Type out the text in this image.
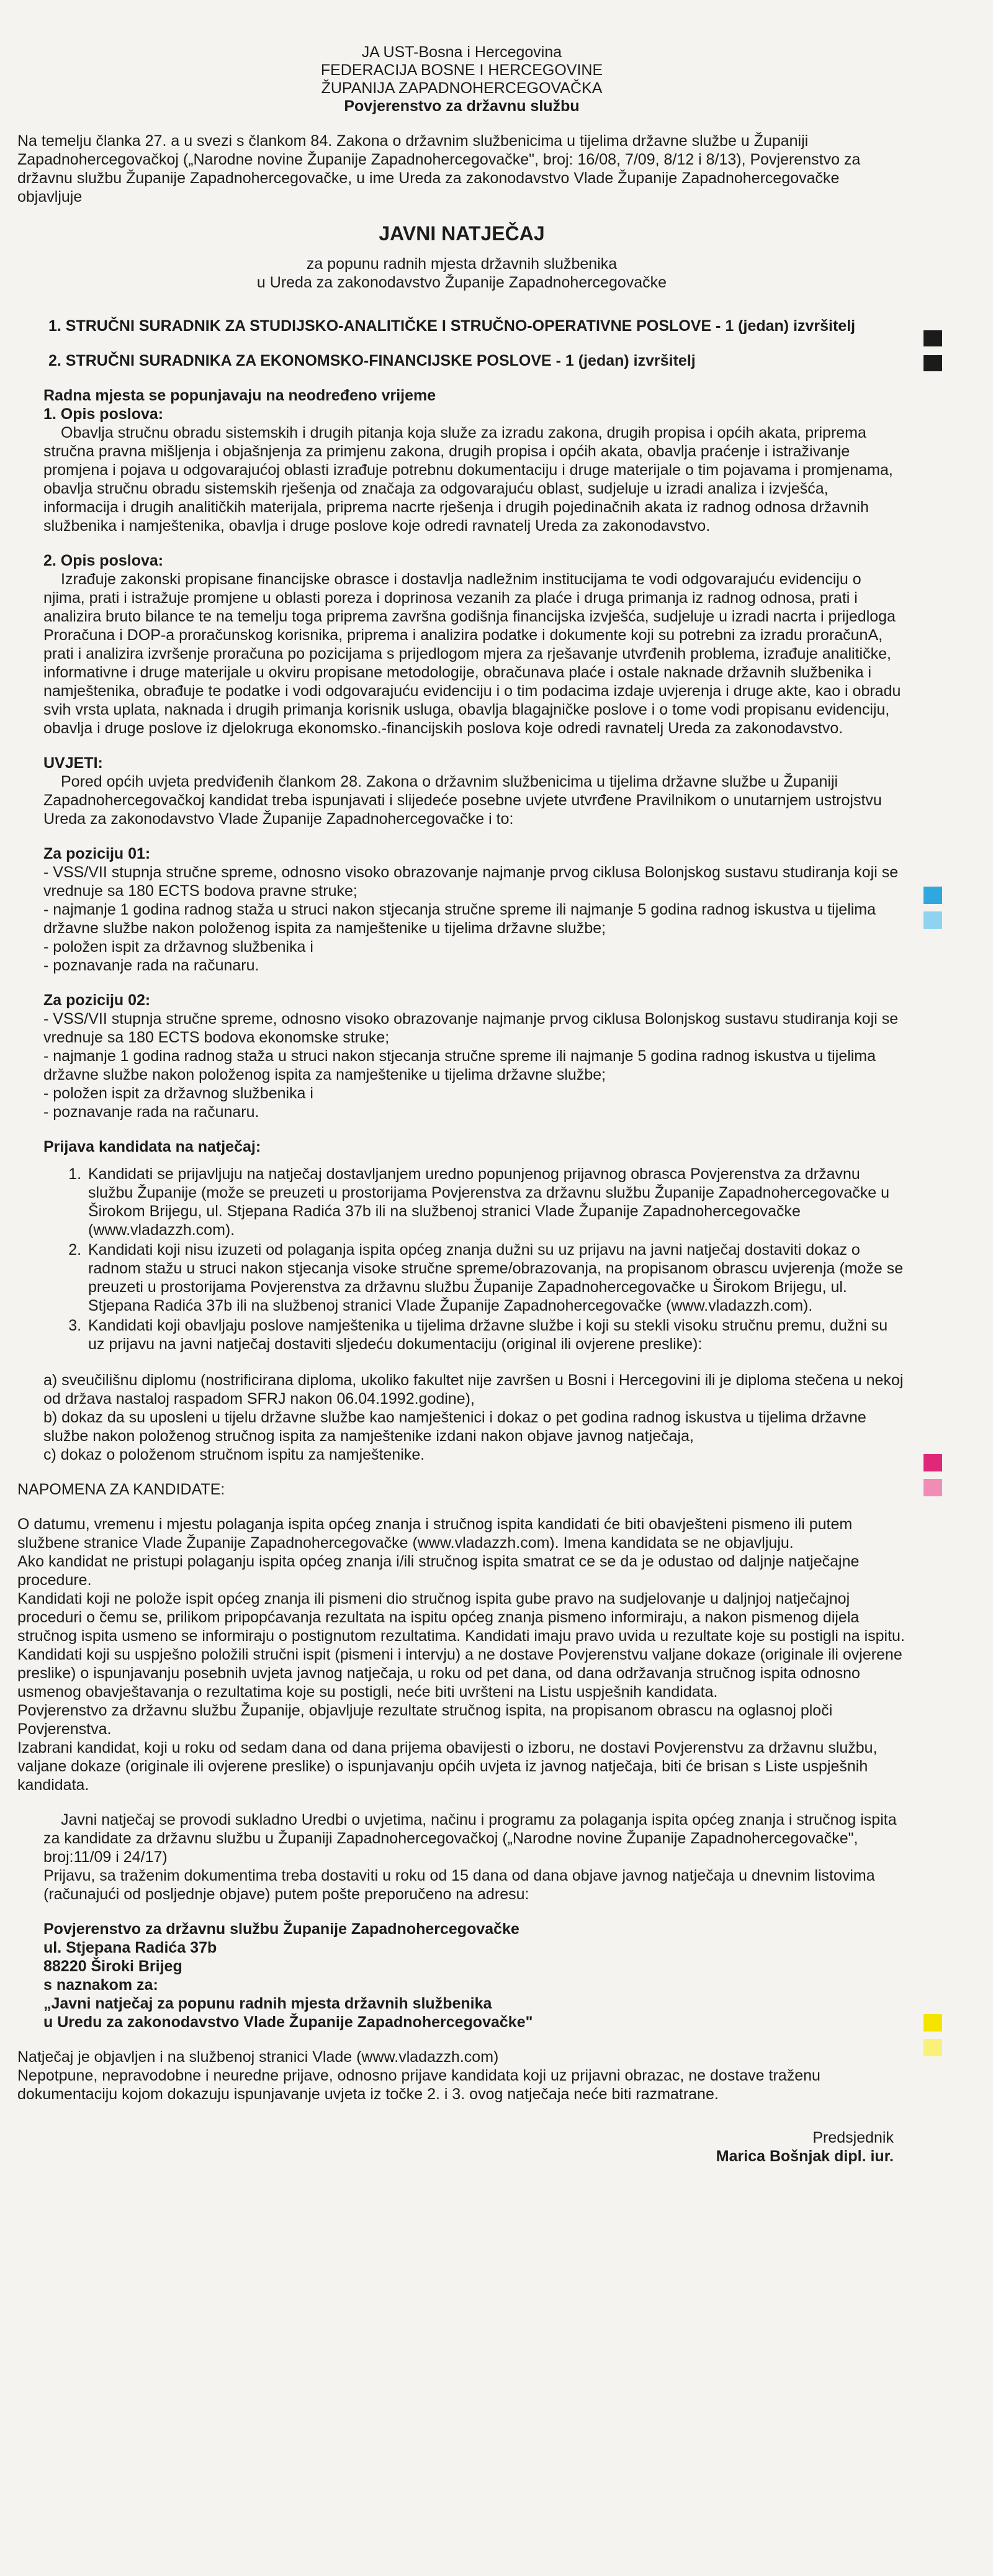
JA UST-Bosna i Hercegovina

FEDERACIJA BOSNE I HERCEGOVINE

ŽUPANIJA ZAPADNOHERCEGOVAČKA

Povjerenstvo za državnu službu

Na temelju članka 27. a u svezi s člankom 84. Zakona o državnim službenicima u tijelima državne službe u Županiji Zapadnohercegovačkoj („Narodne novine Županije Zapadnohercegovačke", broj: 16/08, 7/09, 8/12 i 8/13), Povjerenstvo za državnu službu Županije Zapadnohercegovačke, u ime Ureda za zakonodavstvo Vlade Županije Zapadnohercegovačke objavljuje

JAVNI NATJEČAJ

za popunu radnih mjesta državnih službenika

u Ureda za zakonodavstvo Županije Zapadnohercegovačke

1. STRUČNI SURADNIK ZA STUDIJSKO-ANALITIČKE I STRUČNO-OPERATIVNE POSLOVE - 1 (jedan) izvršitelj

2. STRUČNI SURADNIKA ZA EKONOMSKO-FINANCIJSKE POSLOVE - 1 (jedan) izvršitelj

Radna mjesta se popunjavaju na neodređeno vrijeme

1. Opis poslova:

Obavlja stručnu obradu sistemskih i drugih pitanja koja služe za izradu zakona, drugih propisa i općih akata, priprema stručna pravna mišljenja i objašnjenja za primjenu zakona, drugih propisa i općih akata, obavlja praćenje i istraživanje promjena i pojava u odgovarajućoj oblasti izrađuje potrebnu dokumentaciju i druge materijale o tim pojavama i promjenama, obavlja stručnu obradu sistemskih rješenja od značaja za odgovarajuću oblast, sudjeluje u izradi analiza i izvješća, informacija i drugih analitičkih materijala, priprema nacrte rješenja i drugih pojedinačnih akata iz radnog odnosa državnih službenika i namještenika, obavlja i druge poslove koje odredi ravnatelj Ureda za zakonodavstvo.

2. Opis poslova:

Izrađuje zakonski propisane financijske obrasce i dostavlja nadležnim institucijama te vodi odgovarajuću evidenciju o njima, prati i istražuje promjene u oblasti poreza i doprinosa vezanih za plaće i druga primanja iz radnog odnosa, prati i analizira bruto bilance te na temelju toga priprema završna godišnja financijska izvješća, sudjeluje u izradi nacrta i prijedloga Proračuna i DOP-a proračunskog korisnika, priprema i analizira podatke i dokumente koji su potrebni za izradu proračunA, prati i analizira izvršenje proračuna po pozicijama s prijedlogom mjera za rješavanje utvrđenih problema, izrađuje analitičke, informativne i druge materijale u okviru propisane metodologije, obračunava plaće i ostale naknade državnih službenika i namještenika, obrađuje te podatke i vodi odgovarajuću evidenciju i o tim podacima izdaje uvjerenja i druge akte, kao i obradu svih vrsta uplata, naknada i drugih primanja korisnik usluga, obavlja blagajničke poslove i o tome vodi propisanu evidenciju, obavlja i druge poslove iz djelokruga ekonomsko.-financijskih poslova koje odredi ravnatelj Ureda za zakonodavstvo.

UVJETI:

Pored općih uvjeta predviđenih člankom 28. Zakona o državnim službenicima u tijelima državne službe u Županiji Zapadnohercegovačkoj kandidat treba ispunjavati i slijedeće posebne uvjete utvrđene Pravilnikom o unutarnjem ustrojstvu Ureda za zakonodavstvo Vlade Županije Zapadnohercegovačke i to:

Za poziciju 01:

- VSS/VII stupnja stručne spreme, odnosno visoko obrazovanje najmanje prvog ciklusa Bolonjskog sustavu studiranja koji se vrednuje sa 180 ECTS bodova pravne struke;

- najmanje 1 godina radnog staža u struci nakon stjecanja stručne spreme ili najmanje 5 godina radnog iskustva u tijelima državne službe nakon položenog ispita za namještenike u tijelima državne službe;

- položen ispit za državnog službenika i

- poznavanje rada na računaru.

Za poziciju 02:

- VSS/VII stupnja stručne spreme, odnosno visoko obrazovanje najmanje prvog ciklusa Bolonjskog sustavu studiranja koji se vrednuje sa 180 ECTS bodova ekonomske struke;

- najmanje 1 godina radnog staža u struci nakon stjecanja stručne spreme ili najmanje 5 godina radnog iskustva u tijelima državne službe nakon položenog ispita za namještenike u tijelima državne službe;

- položen ispit za državnog službenika i

- poznavanje rada na računaru.

Prijava kandidata na natječaj:

1. Kandidati se prijavljuju na natječaj dostavljanjem uredno popunjenog prijavnog obrasca Povjerenstva za državnu službu Županije (može se preuzeti u prostorijama Povjerenstva za državnu službu Županije Zapadnohercegovačke u Širokom Brijegu, ul. Stjepana Radića 37b ili na službenoj stranici Vlade Županije Zapadnohercegovačke (www.vladazzh.com).
2. Kandidati koji nisu izuzeti od polaganja ispita općeg znanja dužni su uz prijavu na javni natječaj dostaviti dokaz o radnom stažu u struci nakon stjecanja visoke stručne spreme/obrazovanja, na propisanom obrascu uvjerenja (može se preuzeti u prostorijama Povjerenstva za državnu službu Županije Zapadnohercegovačke u Širokom Brijegu, ul. Stjepana Radića 37b ili na službenoj stranici Vlade Županije Zapadnohercegovačke (www.vladazzh.com).
3. Kandidati koji obavljaju poslove namještenika u tijelima državne službe i koji su stekli visoku stručnu premu, dužni su uz prijavu na javni natječaj dostaviti sljedeću dokumentaciju (original ili ovjerene preslike):

a) sveučilišnu diplomu (nostrificirana diploma, ukoliko fakultet nije završen u Bosni i Hercegovini ili je diploma stečena u nekoj od država nastaloj raspadom SFRJ nakon 06.04.1992.godine),

b) dokaz da su uposleni u tijelu državne službe kao namještenici i dokaz o pet godina radnog iskustva u tijelima državne službe nakon položenog stručnog ispita za namještenike izdani nakon objave javnog natječaja,

c) dokaz o položenom stručnom ispitu za namještenike.

NAPOMENA ZA KANDIDATE:

O datumu, vremenu i mjestu polaganja ispita općeg znanja i stručnog ispita kandidati će biti obavješteni pismeno ili putem službene stranice Vlade Županije Zapadnohercegovačke (www.vladazzh.com). Imena kandidata se ne objavljuju.

Ako kandidat ne pristupi polaganju ispita općeg znanja i/ili stručnog ispita smatrat ce se da je odustao od daljnje natječajne procedure.

Kandidati koji ne polože ispit općeg znanja ili pismeni dio stručnog ispita gube pravo na sudjelovanje u daljnjoj natječajnoj proceduri o čemu se, prilikom pripopćavanja rezultata na ispitu općeg znanja pismeno informiraju, a nakon pismenog dijela stručnog ispita usmeno se informiraju o postignutom rezultatima. Kandidati imaju pravo uvida u rezultate koje su postigli na ispitu.

Kandidati koji su uspješno položili stručni ispit (pismeni i intervju) a ne dostave Povjerenstvu valjane dokaze (originale ili ovjerene preslike) o ispunjavanju posebnih uvjeta javnog natječaja, u roku od pet dana, od dana održavanja stručnog ispita odnosno usmenog obavještavanja o rezultatima koje su postigli, neće biti uvršteni na Listu uspješnih kandidata.

Povjerenstvo za državnu službu Županije, objavljuje rezultate stručnog ispita, na propisanom obrascu na oglasnoj ploči Povjerenstva.

Izabrani kandidat, koji u roku od sedam dana od dana prijema obavijesti o izboru, ne dostavi Povjerenstvu za državnu službu, valjane dokaze (originale ili ovjerene preslike) o ispunjavanju općih uvjeta iz javnog natječaja, biti će brisan s Liste uspješnih kandidata.

Javni natječaj se provodi sukladno Uredbi o uvjetima, načinu i programu za polaganja ispita općeg znanja i stručnog ispita za kandidate za državnu službu u Županiji Zapadnohercegovačkoj („Narodne novine Županije Zapadnohercegovačke", broj:11/09 i 24/17)

Prijavu, sa traženim dokumentima treba dostaviti u roku od 15 dana od dana objave javnog natječaja u dnevnim listovima (računajući od posljednje objave) putem pošte preporučeno na adresu:

Povjerenstvo za državnu službu Županije Zapadnohercegovačke

ul. Stjepana Radića 37b

88220 Široki Brijeg

s naznakom za:

„Javni natječaj za popunu radnih mjesta državnih službenika

u Uredu za zakonodavstvo Vlade Županije Zapadnohercegovačke"

Natječaj je objavljen i na službenoj stranici Vlade (www.vladazzh.com)

Nepotpune, nepravodobne i neuredne prijave, odnosno prijave kandidata koji uz prijavni obrazac, ne dostave traženu dokumentaciju kojom dokazuju ispunjavanje uvjeta iz točke 2. i 3. ovog natječaja neće biti razmatrane.

Predsjednik

Marica Bošnjak dipl. iur.
